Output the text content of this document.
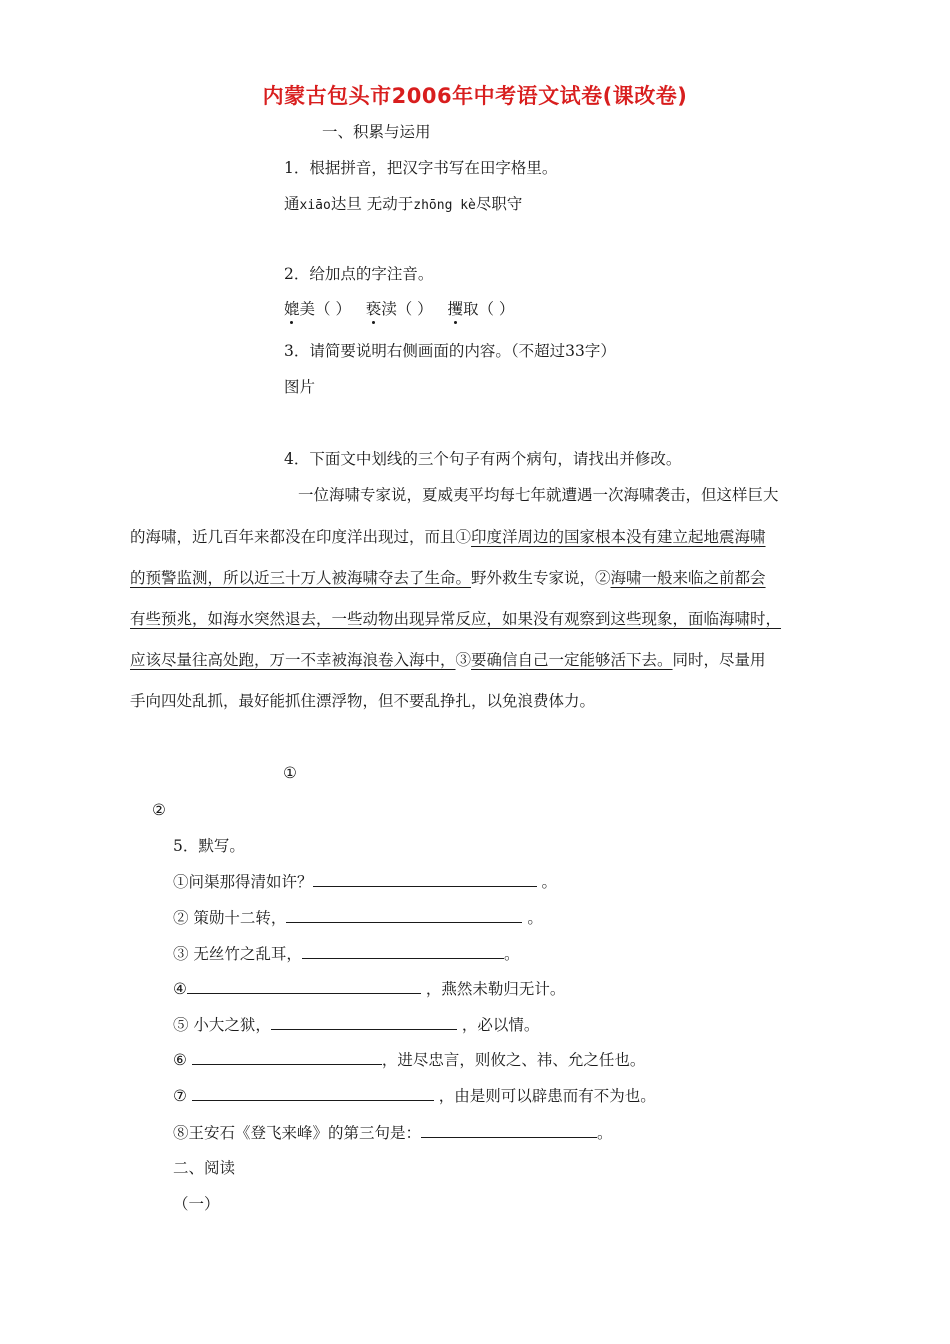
内蒙古包头市2006年中考语文试卷(课改卷)
一、积累与运用
1．根据拼音，把汉字书写在田字格里。
通xiāo达旦 无动于zhōng kè尽职守
2．给加点的字注音。
媲美（ ） 亵渎（ ） 攫取（ ）
3．请简要说明右侧画面的内容。（不超过33字）
图片
4．下面文中划线的三个句子有两个病句，请找出并修改。
一位海啸专家说，夏威夷平均每七年就遭遇一次海啸袭击，但这样巨大
的海啸，近几百年来都没在印度洋出现过，而且①印度洋周边的国家根本没有建立起地震海啸
的预警监测，所以近三十万人被海啸夺去了生命。野外救生专家说，②海啸一般来临之前都会
有些预兆，如海水突然退去，一些动物出现异常反应，如果没有观察到这些现象，面临海啸时，
应该尽量往高处跑，万一不幸被海浪卷入海中，③要确信自己一定能够活下去。同时，尽量用
手向四处乱抓，最好能抓住漂浮物，但不要乱挣扎，以免浪费体力。
①
②
5．默写。
①问渠那得清如许？	。
② 策勋十二转，	。
③ 无丝竹之乱耳，	。
④	，燕然未勒归无计。
⑤ 小大之狱，	，必以情。
⑥	，进尽忠言，则攸之、祎、允之任也。
⑦	，由是则可以辟患而有不为也。
⑧王安石《登飞来峰》的第三句是：	。
二、阅读
（一）
